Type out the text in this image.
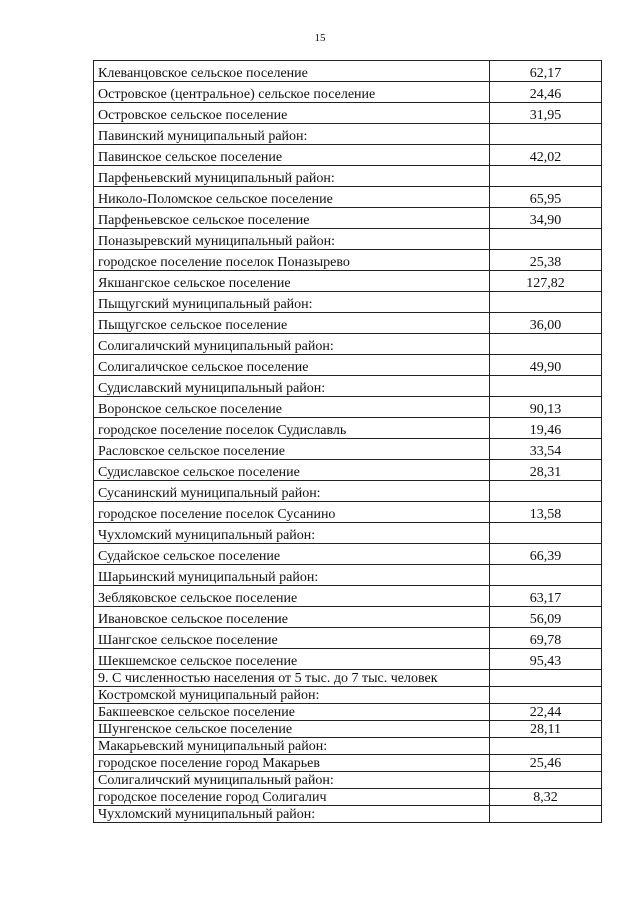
15
Клеванцовское сельское поселение	62,17
Островское (центральное) сельское поселение	24,46
Островское сельское поселение	31,95
Павинский муниципальный район:	
Павинское сельское поселение	42,02
Парфеньевский муниципальный район:	
Николо-Поломское сельское поселение	65,95
Парфеньевское сельское поселение	34,90
Поназыревский муниципальный район:	
городское поселение поселок Поназырево	25,38
Якшангское сельское поселение	127,82
Пыщугский муниципальный район:	
Пыщугское сельское поселение	36,00
Солигаличский муниципальный район:	
Солигаличское сельское поселение	49,90
Судиславский муниципальный район:	
Воронское сельское поселение	90,13
городское поселение поселок Судиславль	19,46
Расловское сельское поселение	33,54
Судиславское сельское поселение	28,31
Сусанинский муниципальный район:	
городское поселение поселок Сусанино	13,58
Чухломский муниципальный район:	
Судайское сельское поселение	66,39
Шарьинский муниципальный район:	
Зебляковское сельское поселение	63,17
Ивановское сельское поселение	56,09
Шангское сельское поселение	69,78
Шекшемское сельское поселение	95,43
9. С численностью населения от 5 тыс. до 7 тыс. человек	
Костромской муниципальный район:	
Бакшеевское сельское поселение	22,44
Шунгенское сельское поселение	28,11
Макарьевский муниципальный район:	
городское поселение город Макарьев	25,46
Солигаличский муниципальный район:	
городское поселение город Солигалич	8,32
Чухломский муниципальный район:	
